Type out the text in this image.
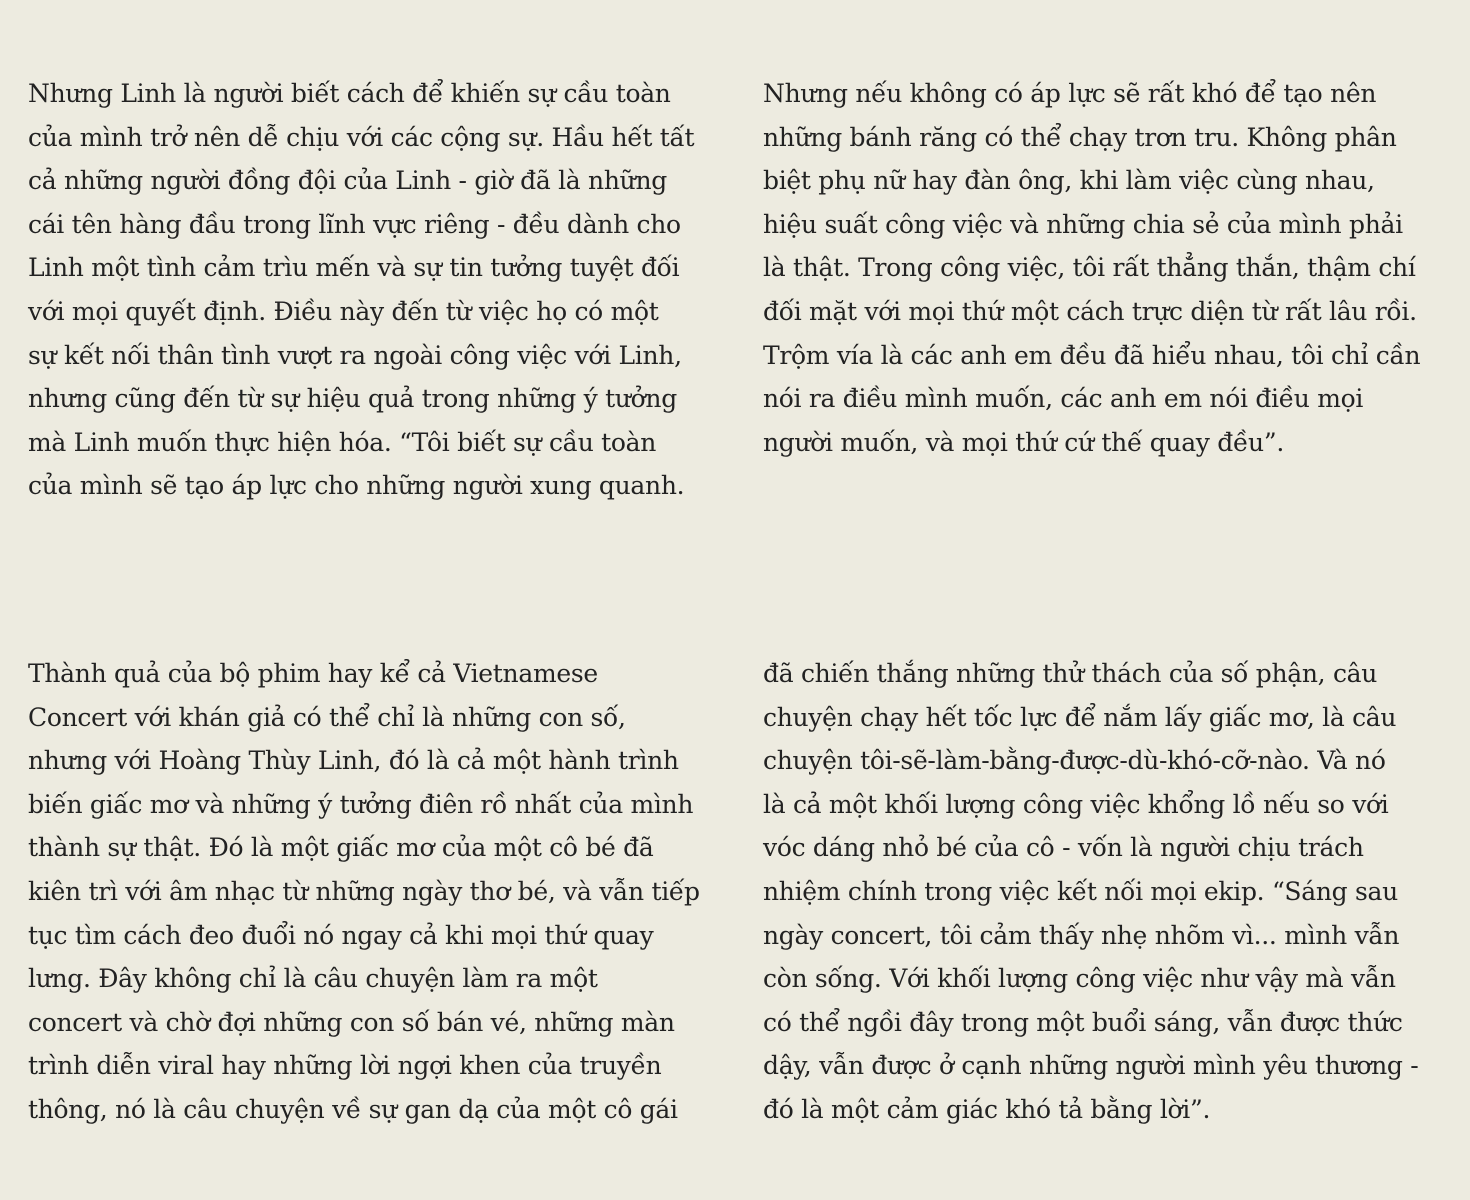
Nhưng Linh là người biết cách để khiến sự cầu toàn
của mình trở nên dễ chịu với các cộng sự. Hầu hết tất
cả những người đồng đội của Linh - giờ đã là những
cái tên hàng đầu trong lĩnh vực riêng - đều dành cho
Linh một tình cảm trìu mến và sự tin tưởng tuyệt đối
với mọi quyết định. Điều này đến từ việc họ có một
sự kết nối thân tình vượt ra ngoài công việc với Linh,
nhưng cũng đến từ sự hiệu quả trong những ý tưởng
mà Linh muốn thực hiện hóa. “Tôi biết sự cầu toàn
của mình sẽ tạo áp lực cho những người xung quanh.

Nhưng nếu không có áp lực sẽ rất khó để tạo nên
những bánh răng có thể chạy trơn tru. Không phân
biệt phụ nữ hay đàn ông, khi làm việc cùng nhau,
hiệu suất công việc và những chia sẻ của mình phải
là thật. Trong công việc, tôi rất thẳng thắn, thậm chí
đối mặt với mọi thứ một cách trực diện từ rất lâu rồi.
Trộm vía là các anh em đều đã hiểu nhau, tôi chỉ cần
nói ra điều mình muốn, các anh em nói điều mọi
người muốn, và mọi thứ cứ thế quay đều”.

Thành quả của bộ phim hay kể cả Vietnamese
Concert với khán giả có thể chỉ là những con số,
nhưng với Hoàng Thùy Linh, đó là cả một hành trình
biến giấc mơ và những ý tưởng điên rồ nhất của mình
thành sự thật. Đó là một giấc mơ của một cô bé đã
kiên trì với âm nhạc từ những ngày thơ bé, và vẫn tiếp
tục tìm cách đeo đuổi nó ngay cả khi mọi thứ quay
lưng. Đây không chỉ là câu chuyện làm ra một
concert và chờ đợi những con số bán vé, những màn
trình diễn viral hay những lời ngợi khen của truyền
thông, nó là câu chuyện về sự gan dạ của một cô gái

đã chiến thắng những thử thách của số phận, câu
chuyện chạy hết tốc lực để nắm lấy giấc mơ, là câu
chuyện tôi-sẽ-làm-bằng-được-dù-khó-cỡ-nào. Và nó
là cả một khối lượng công việc khổng lồ nếu so với
vóc dáng nhỏ bé của cô - vốn là người chịu trách
nhiệm chính trong việc kết nối mọi ekip. “Sáng sau
ngày concert, tôi cảm thấy nhẹ nhõm vì... mình vẫn
còn sống. Với khối lượng công việc như vậy mà vẫn
có thể ngồi đây trong một buổi sáng, vẫn được thức
dậy, vẫn được ở cạnh những người mình yêu thương -
đó là một cảm giác khó tả bằng lời”.
